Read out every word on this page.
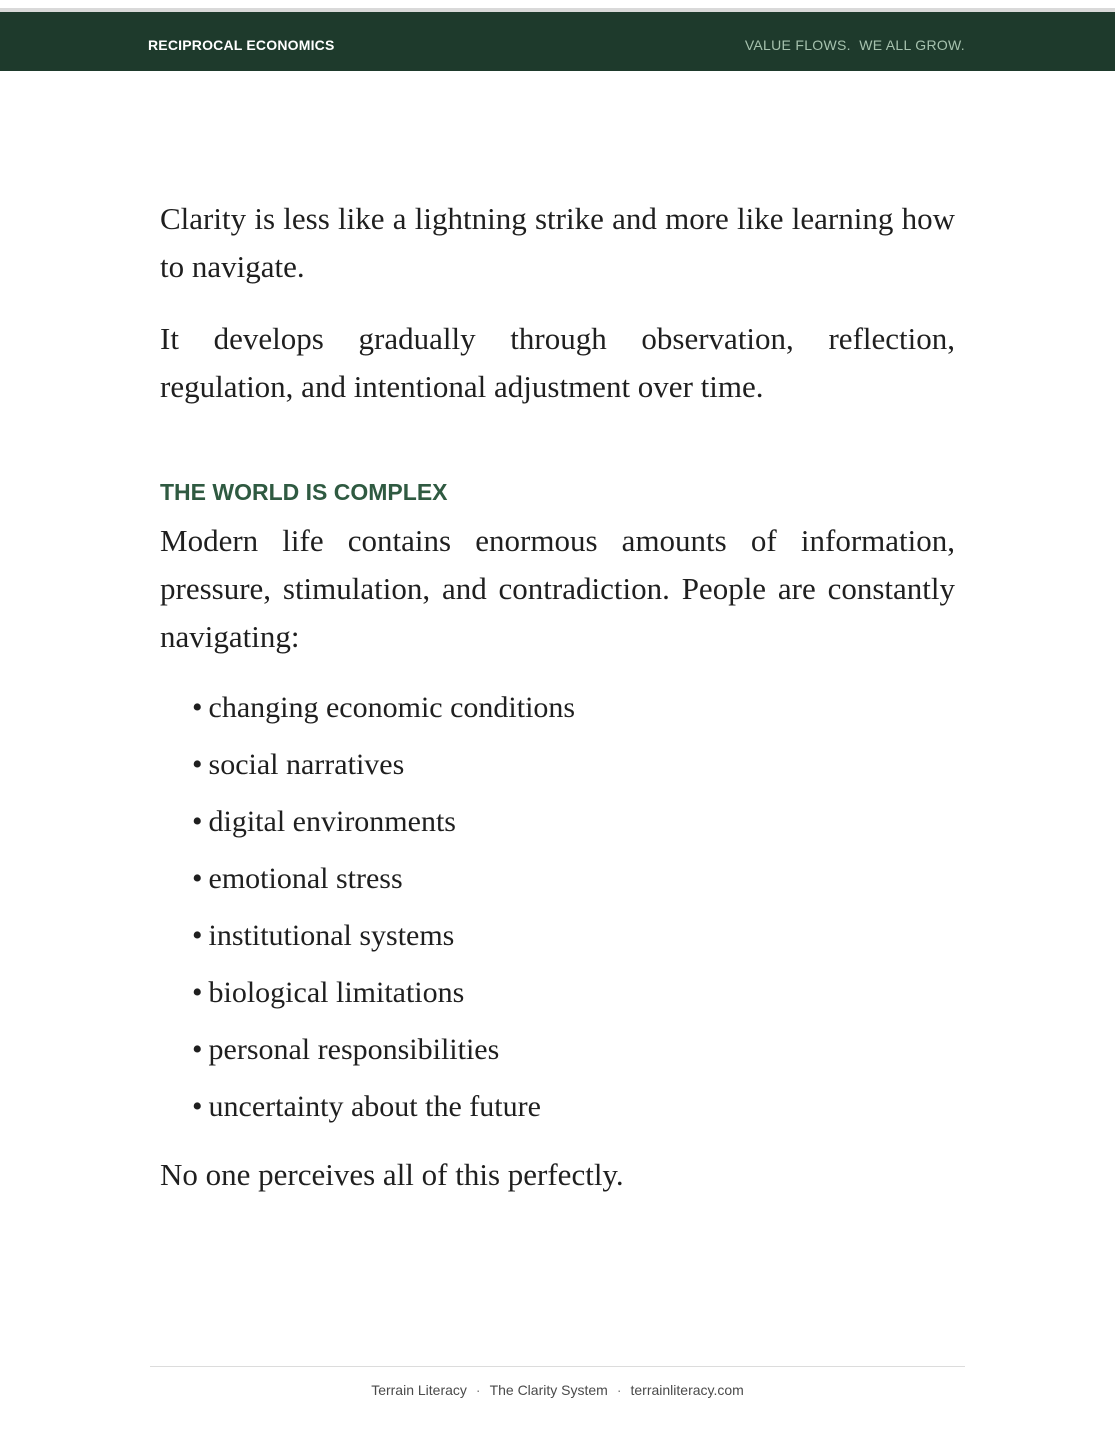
RECIPROCAL ECONOMICS	VALUE FLOWS.  WE ALL GROW.

Clarity is less like a lightning strike and more like learning how to navigate.

It develops gradually through observation, reflection, regulation, and intentional adjustment over time.

THE WORLD IS COMPLEX

Modern life contains enormous amounts of information, pressure, stimulation, and contradiction. People are constantly navigating:

• changing economic conditions
• social narratives
• digital environments
• emotional stress
• institutional systems
• biological limitations
• personal responsibilities
• uncertainty about the future

No one perceives all of this perfectly.

Terrain Literacy · The Clarity System · terrainliteracy.com
